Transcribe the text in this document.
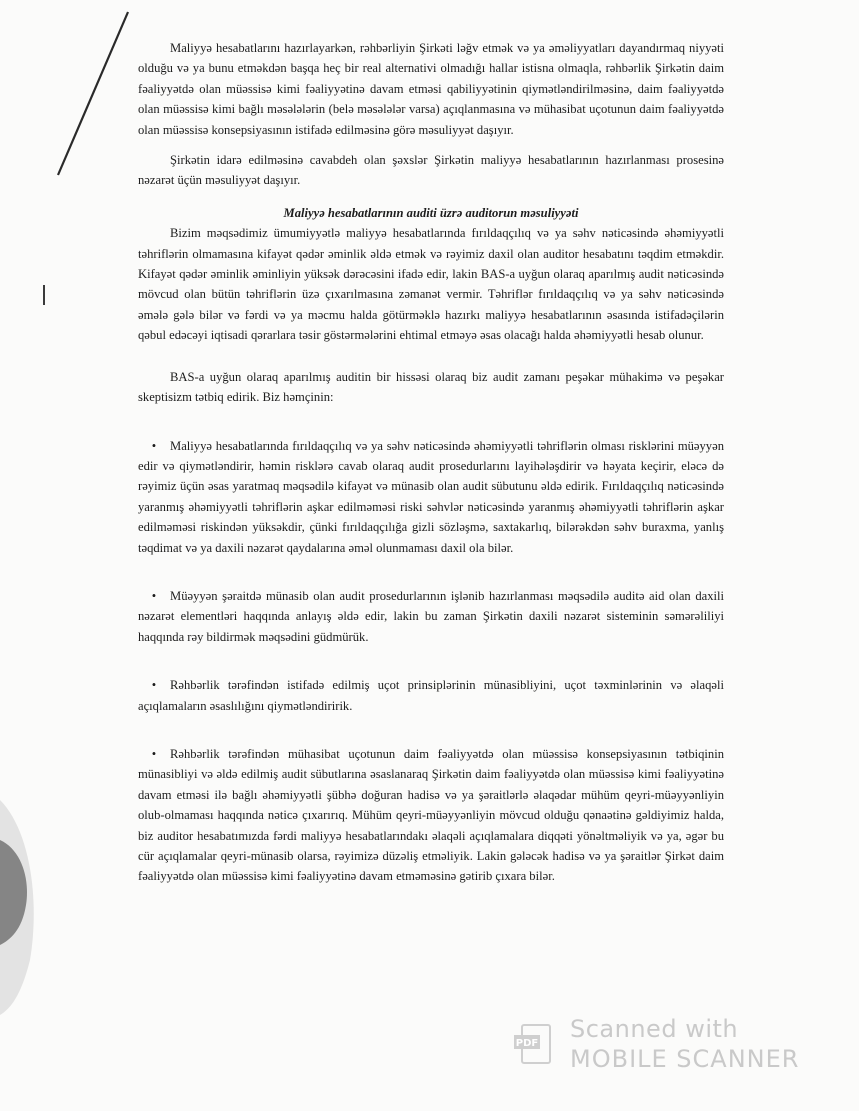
Maliyyə hesabatlarını hazırlayarkən, rəhbərliyin Şirkəti ləğv etmək və ya əməliyyatları dayandırmaq niyyəti olduğu və ya bunu etməkdən başqa heç bir real alternativi olmadığı hallar istisna olmaqla, rəhbərlik Şirkətin daim fəaliyyətdə olan müəssisə kimi fəaliyyətinə davam etməsi qabiliyyətinin qiymətləndirilməsinə, daim fəaliyyətdə olan müəssisə kimi bağlı məsələlərin (belə məsələlər varsa) açıqlanmasına və mühasibat uçotunun daim fəaliyyətdə olan müəssisə konsepsiyasının istifadə edilməsinə görə məsuliyyət daşıyır.

Şirkətin idarə edilməsinə cavabdeh olan şəxslər Şirkətin maliyyə hesabatlarının hazırlanması prosesinə nəzarət üçün məsuliyyət daşıyır.

Maliyyə hesabatlarının auditi üzrə auditorun məsuliyyəti

Bizim məqsədimiz ümumiyyətlə maliyyə hesabatlarında fırıldaqçılıq və ya səhv nəticəsində əhəmiyyətli təhriflərin olmamasına kifayət qədər əminlik əldə etmək və rəyimiz daxil olan auditor hesabatını təqdim etməkdir. Kifayət qədər əminlik əminliyin yüksək dərəcəsini ifadə edir, lakin BAS-a uyğun olaraq aparılmış audit nəticəsində mövcud olan bütün təhriflərin üzə çıxarılmasına zəmanət vermir. Təhriflər fırıldaqçılıq və ya səhv nəticəsində əmələ gələ bilər və fərdi və ya məcmu halda götürməklə hazırkı maliyyə hesabatlarının əsasında istifadəçilərin qəbul edəcəyi iqtisadi qərarlara təsir göstərmələrini ehtimal etməyə əsas olacağı halda əhəmiyyətli hesab olunur.

BAS-a uyğun olaraq aparılmış auditin bir hissəsi olaraq biz audit zamanı peşəkar mühakimə və peşəkar skeptisizm tətbiq edirik. Biz həmçinin:

• Maliyyə hesabatlarında fırıldaqçılıq və ya səhv nəticəsində əhəmiyyətli təhriflərin olması risklərini müəyyən edir və qiymətləndirir, həmin risklərə cavab olaraq audit prosedurlarını layihələşdirir və həyata keçirir, eləcə də rəyimiz üçün əsas yaratmaq məqsədilə kifayət və münasib olan audit sübutunu əldə edirik. Fırıldaqçılıq nəticəsində yaranmış əhəmiyyətli təhriflərin aşkar edilməməsi riski səhvlər nəticəsində yaranmış əhəmiyyətli təhriflərin aşkar edilməməsi riskindən yüksəkdir, çünki fırıldaqçılığa gizli sözləşmə, saxtakarlıq, bilərəkdən səhv buraxma, yanlış təqdimat və ya daxili nəzarət qaydalarına əməl olunmaması daxil ola bilər.

• Müəyyən şəraitdə münasib olan audit prosedurlarının işlənib hazırlanması məqsədilə auditə aid olan daxili nəzarət elementləri haqqında anlayış əldə edir, lakin bu zaman Şirkətin daxili nəzarət sisteminin səmərəliliyi haqqında rəy bildirmək məqsədini güdmürük.

• Rəhbərlik tərəfindən istifadə edilmiş uçot prinsiplərinin münasibliyini, uçot təxminlərinin və əlaqəli açıqlamaların əsaslılığını qiymətləndiririk.

• Rəhbərlik tərəfindən mühasibat uçotunun daim fəaliyyətdə olan müəssisə konsepsiyasının tətbiqinin münasibliyi və əldə edilmiş audit sübutlarına əsaslanaraq Şirkətin daim fəaliyyətdə olan müəssisə kimi fəaliyyətinə davam etməsi ilə bağlı əhəmiyyətli şübhə doğuran hadisə və ya şəraitlərlə əlaqədar mühüm qeyri-müəyyənliyin olub-olmaması haqqında nəticə çıxarırıq. Mühüm qeyri-müəyyənliyin mövcud olduğu qənaətinə gəldiyimiz halda, biz auditor hesabatımızda fərdi maliyyə hesabatlarındakı əlaqəli açıqlamalara diqqəti yönəltməliyik və ya, əgər bu cür açıqlamalar qeyri-münasib olarsa, rəyimizə düzəliş etməliyik. Lakin gələcək hadisə və ya şəraitlər Şirkət daim fəaliyyətdə olan müəssisə kimi fəaliyyətinə davam etməməsinə gətirib çıxara bilər.

PDF
Scanned with
MOBILE SCANNER
